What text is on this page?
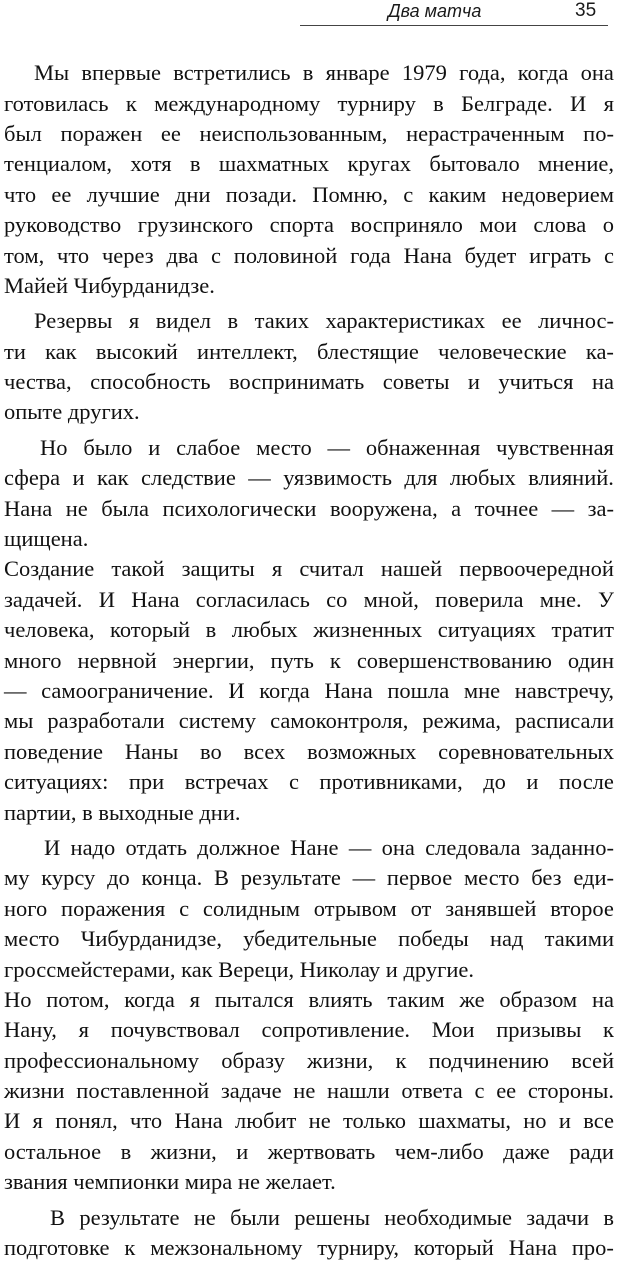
Два матча	35
Мы впервые встретились в январе 1979 года, когда она
готовилась к международному турниру в Белграде. И я
был поражен ее неиспользованным, нерастраченным по-
тенциалом, хотя в шахматных кругах бытовало мнение,
что ее лучшие дни позади. Помню, с каким недоверием
руководство грузинского спорта восприняло мои слова о
том, что через два с половиной года Нана будет играть с
Майей Чибурданидзе.
Резервы я видел в таких характеристиках ее личнос-
ти как высокий интеллект, блестящие человеческие ка-
чества, способность воспринимать советы и учиться на
опыте других.
Но было и слабое место — обнаженная чувственная
сфера и как следствие — уязвимость для любых влияний.
Нана не была психологически вооружена, а точнее — за-
щищена.
Создание такой защиты я считал нашей первоочередной
задачей. И Нана согласилась со мной, поверила мне. У
человека, который в любых жизненных ситуациях тратит
много нервной энергии, путь к совершенствованию один
— самоограничение. И когда Нана пошла мне навстречу,
мы разработали систему самоконтроля, режима, расписали
поведение Наны во всех возможных соревновательных
ситуациях: при встречах с противниками, до и после
партии, в выходные дни.
И надо отдать должное Нане — она следовала заданно-
му курсу до конца. В результате — первое место без еди-
ного поражения с солидным отрывом от занявшей второе
место Чибурданидзе, убедительные победы над такими
гроссмейстерами, как Вереци, Николау и другие.
Но потом, когда я пытался влиять таким же образом на
Нану, я почувствовал сопротивление. Мои призывы к
профессиональному образу жизни, к подчинению всей
жизни поставленной задаче не нашли ответа с ее стороны.
И я понял, что Нана любит не только шахматы, но и все
остальное в жизни, и жертвовать чем-либо даже ради
звания чемпионки мира не желает.
В результате не были решены необходимые задачи в
подготовке к межзональному турниру, который Нана про-
